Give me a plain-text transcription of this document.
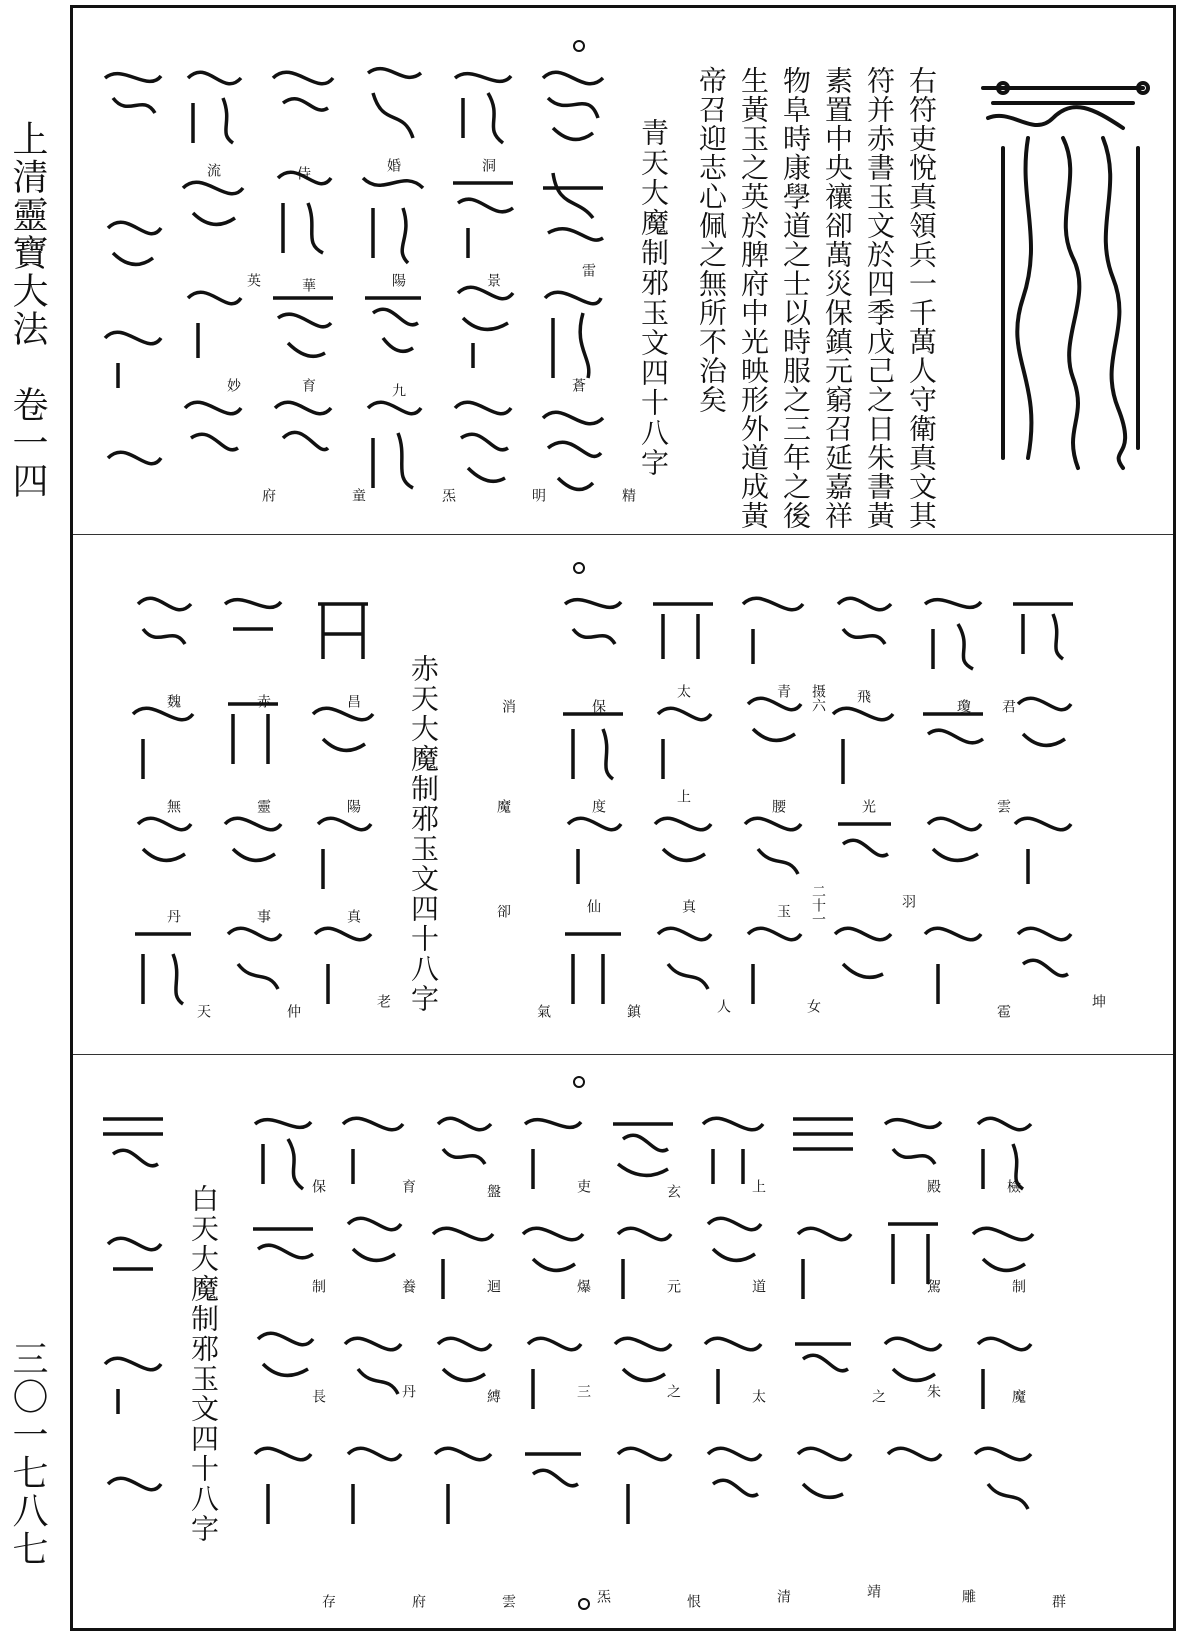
上清靈寶大法　卷一四
三〇一七八七
右符吏悅真領兵一千萬人守衛真文其
符并赤書玉文於四季戊己之日朱書黃
素置中央禳卻萬災保鎮元窮召延嘉祥
物阜時康學道之士以時服之三年之後
生黃玉之英於脾府中光映形外道成黃
帝召迎志心佩之無所不治矣
青天大魔制邪玉文四十八字
精
明
炁
童
府
流
英
妙	蒼
雷
景
洞
陽
九
華
育
婚
侍
赤天大魔制邪玉文四十八字	坤
雹
羽
女
人
鎮
氣
老
仲
天
雲
君
瓊
飛
光
青
腰
玉
太
上
真
保
度
仙
消
魔
卻
昌
陽
真
赤
靈
事
魏
無
丹
摄六
二十一
白天大魔制邪玉文四十八字
群
魔
制
檢
殿
駕
朱
雕
之
靖
清
太
道
上
玄
元
之
恨
炁
三
爆
吏
雲
縛
迴
盤
府
丹
養
育
存
長
制
保
